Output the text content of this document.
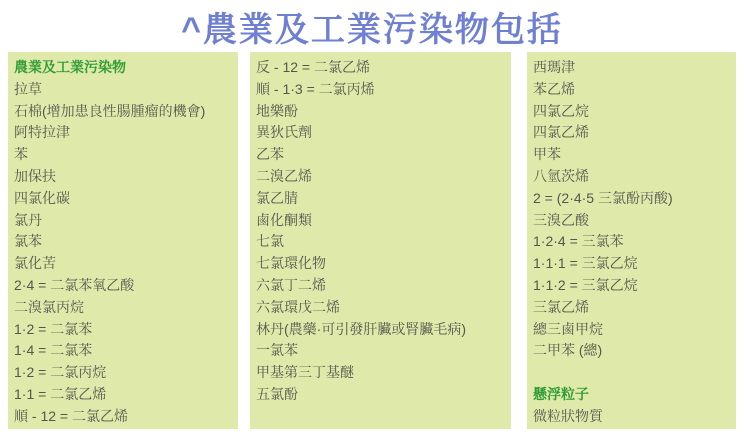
^農業及工業污染物包括
農業及工業污染物
拉草
石棉(增加患良性腸腫瘤的機會)
阿特拉津
苯
加保扶
四氯化碳
氯丹
氯苯
氯化苦
2·4 = 二氯苯氧乙酸
二溴氯丙烷
1·2 = 二氯苯
1·4 = 二氯苯
1·2 = 二氯丙烷
1·1 = 二氯乙烯
順 - 12 = 二氯乙烯
反 - 12 = 二氯乙烯
順 - 1·3 = 二氯丙烯
地樂酚
異狄氏劑
乙苯
二溴乙烯
氯乙腈
鹵化酮類
七氯
七氯環化物
六氯丁二烯
六氯環戊二烯
林丹(農藥·可引發肝臟或腎臟毛病)
一氯苯
甲基第三丁基醚
五氯酚
西瑪津
苯乙烯
四氯乙烷
四氯乙烯
甲苯
八氫茨烯
2 = (2·4·5 三氯酚丙酸)
三溴乙酸
1·2·4 = 三氯苯
1·1·1 = 三氯乙烷
1·1·2 = 三氯乙烷
三氯乙烯
總三鹵甲烷
二甲苯 (總)
懸浮粒子
微粒狀物質
